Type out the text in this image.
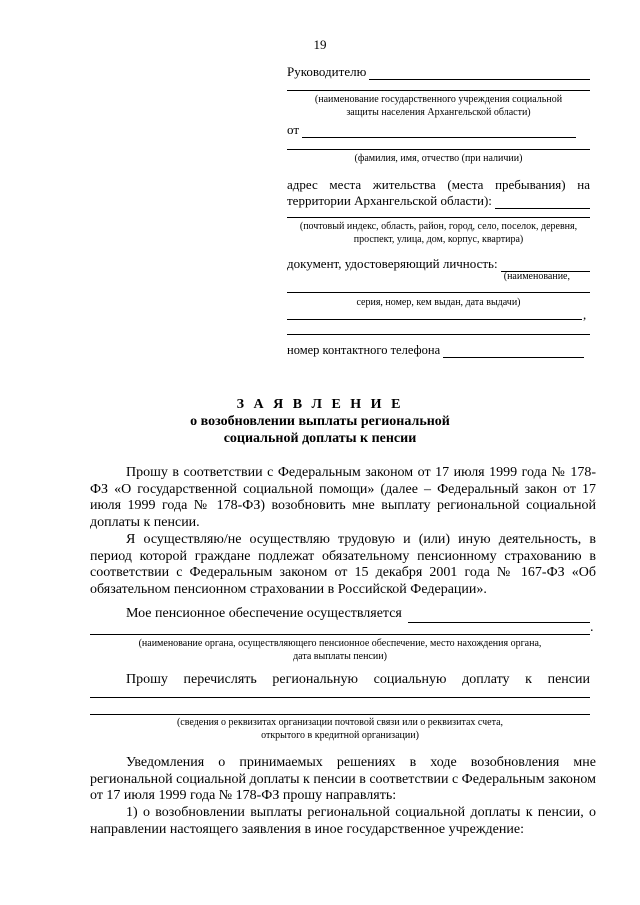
19
Руководителю
(наименование государственного учреждения социальной
защиты населения Архангельской области)
от
(фамилия, имя, отчество (при наличии)
адрес места жительства (места пребывания) на
территории Архангельской области):
(почтовый индекс, область, район, город, село, поселок, деревня,
проспект, улица, дом, корпус, квартира)
документ, удостоверяющий личность:
(наименование,
серия, номер, кем выдан, дата выдачи)
,
номер контактного телефона
З А Я В Л Е Н И Е
о возобновлении выплаты региональной
социальной доплаты к пенсии
Прошу в соответствии с Федеральным законом от 17 июля 1999 года № 178-ФЗ «О государственной социальной помощи» (далее – Федеральный закон от 17 июля 1999 года № 178-ФЗ) возобновить мне выплату региональной социальной доплаты к пенсии.
Я осуществляю/не осуществляю трудовую и (или) иную деятельность, в период которой граждане подлежат обязательному пенсионному страхованию в соответствии с Федеральным законом от 15 декабря 2001 года № 167-ФЗ «Об обязательном пенсионном страховании в Российской Федерации».
Мое пенсионное обеспечение осуществляется
.
(наименование органа, осуществляющего пенсионное обеспечение, место нахождения органа,
дата выплаты пенсии)
Прошу перечислять региональную социальную доплату к пенсии
(сведения о реквизитах организации почтовой связи или о реквизитах счета,
открытого в кредитной организации)
Уведомления о принимаемых решениях в ходе возобновления мне региональной социальной доплаты к пенсии в соответствии с Федеральным законом от 17 июля 1999 года № 178-ФЗ прошу направлять:
1) о возобновлении выплаты региональной социальной доплаты к пенсии, о направлении настоящего заявления в иное государственное учреждение:
